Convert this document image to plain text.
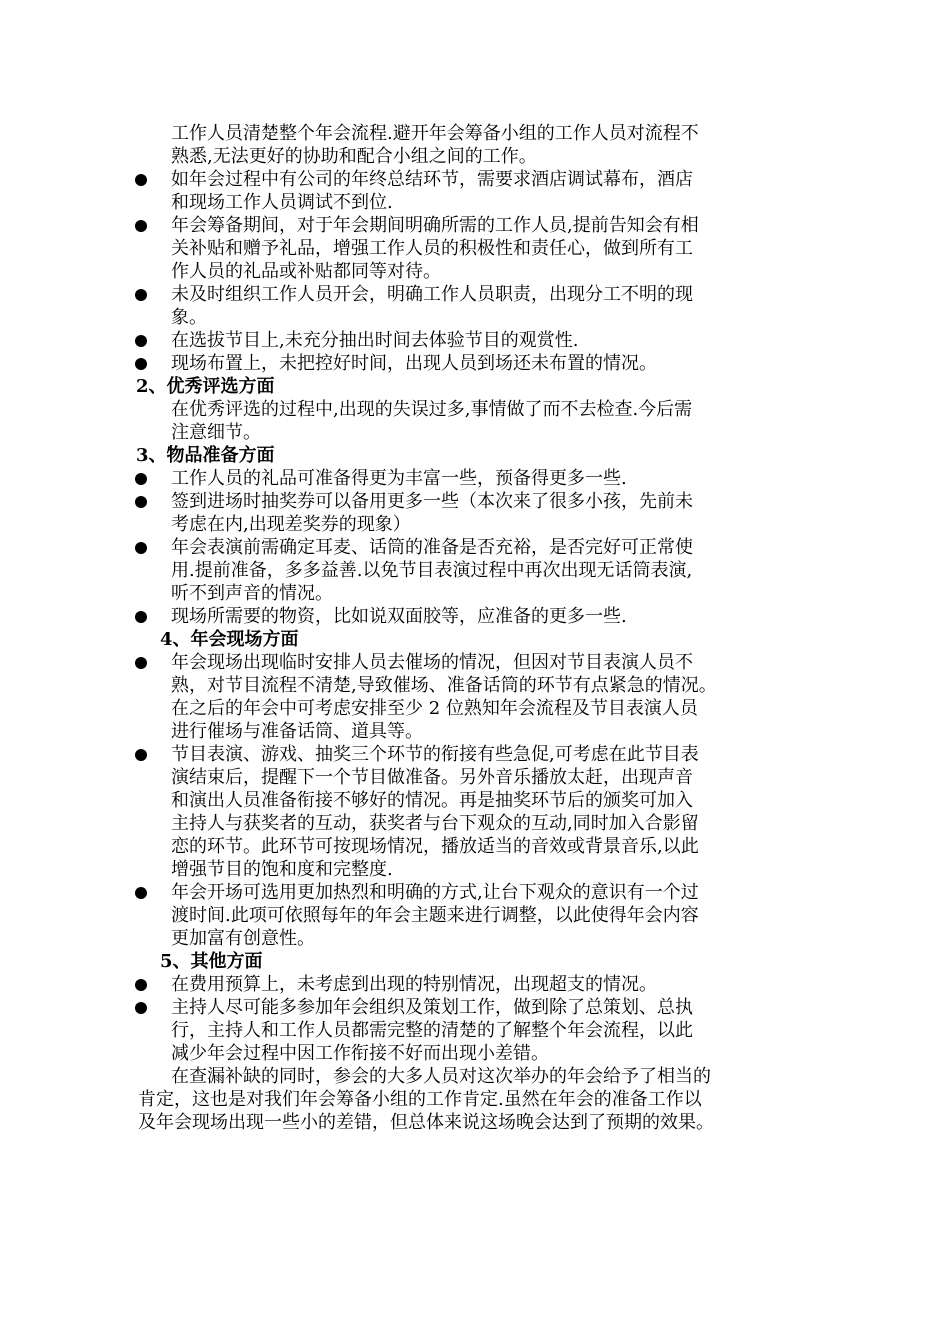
工作人员清楚整个年会流程.避开年会筹备小组的工作人员对流程不
熟悉,无法更好的协助和配合小组之间的工作。
如年会过程中有公司的年终总结环节，需要求酒店调试幕布，酒店
和现场工作人员调试不到位.
年会筹备期间，对于年会期间明确所需的工作人员,提前告知会有相
关补贴和赠予礼品，增强工作人员的积极性和责任心，做到所有工
作人员的礼品或补贴都同等对待。
未及时组织工作人员开会，明确工作人员职责，出现分工不明的现
象。
在选拔节目上,未充分抽出时间去体验节目的观赏性.
现场布置上，未把控好时间，出现人员到场还未布置的情况。
2、优秀评选方面
在优秀评选的过程中,出现的失误过多,事情做了而不去检查.今后需
注意细节。
3、物品准备方面
工作人员的礼品可准备得更为丰富一些，预备得更多一些.
签到进场时抽奖券可以备用更多一些（本次来了很多小孩，先前未
考虑在内,出现差奖券的现象）
年会表演前需确定耳麦、话筒的准备是否充裕，是否完好可正常使
用.提前准备，多多益善.以免节目表演过程中再次出现无话筒表演,
听不到声音的情况。
现场所需要的物资，比如说双面胶等，应准备的更多一些.
4、年会现场方面
年会现场出现临时安排人员去催场的情况，但因对节目表演人员不
熟，对节目流程不清楚,导致催场、准备话筒的环节有点紧急的情况。
在之后的年会中可考虑安排至少 2 位熟知年会流程及节目表演人员
进行催场与准备话筒、道具等。
节目表演、游戏、抽奖三个环节的衔接有些急促,可考虑在此节目表
演结束后，提醒下一个节目做准备。另外音乐播放太赶，出现声音
和演出人员准备衔接不够好的情况。再是抽奖环节后的颁奖可加入
主持人与获奖者的互动，获奖者与台下观众的互动,同时加入合影留
恋的环节。此环节可按现场情况，播放适当的音效或背景音乐,以此
增强节目的饱和度和完整度.
年会开场可选用更加热烈和明确的方式,让台下观众的意识有一个过
渡时间.此项可依照每年的年会主题来进行调整，以此使得年会内容
更加富有创意性。
5、其他方面
在费用预算上，未考虑到出现的特别情况，出现超支的情况。
主持人尽可能多参加年会组织及策划工作，做到除了总策划、总执
行，主持人和工作人员都需完整的清楚的了解整个年会流程，以此
减少年会过程中因工作衔接不好而出现小差错。
在查漏补缺的同时，参会的大多人员对这次举办的年会给予了相当的
肯定，这也是对我们年会筹备小组的工作肯定.虽然在年会的准备工作以
及年会现场出现一些小的差错，但总体来说这场晚会达到了预期的效果。
